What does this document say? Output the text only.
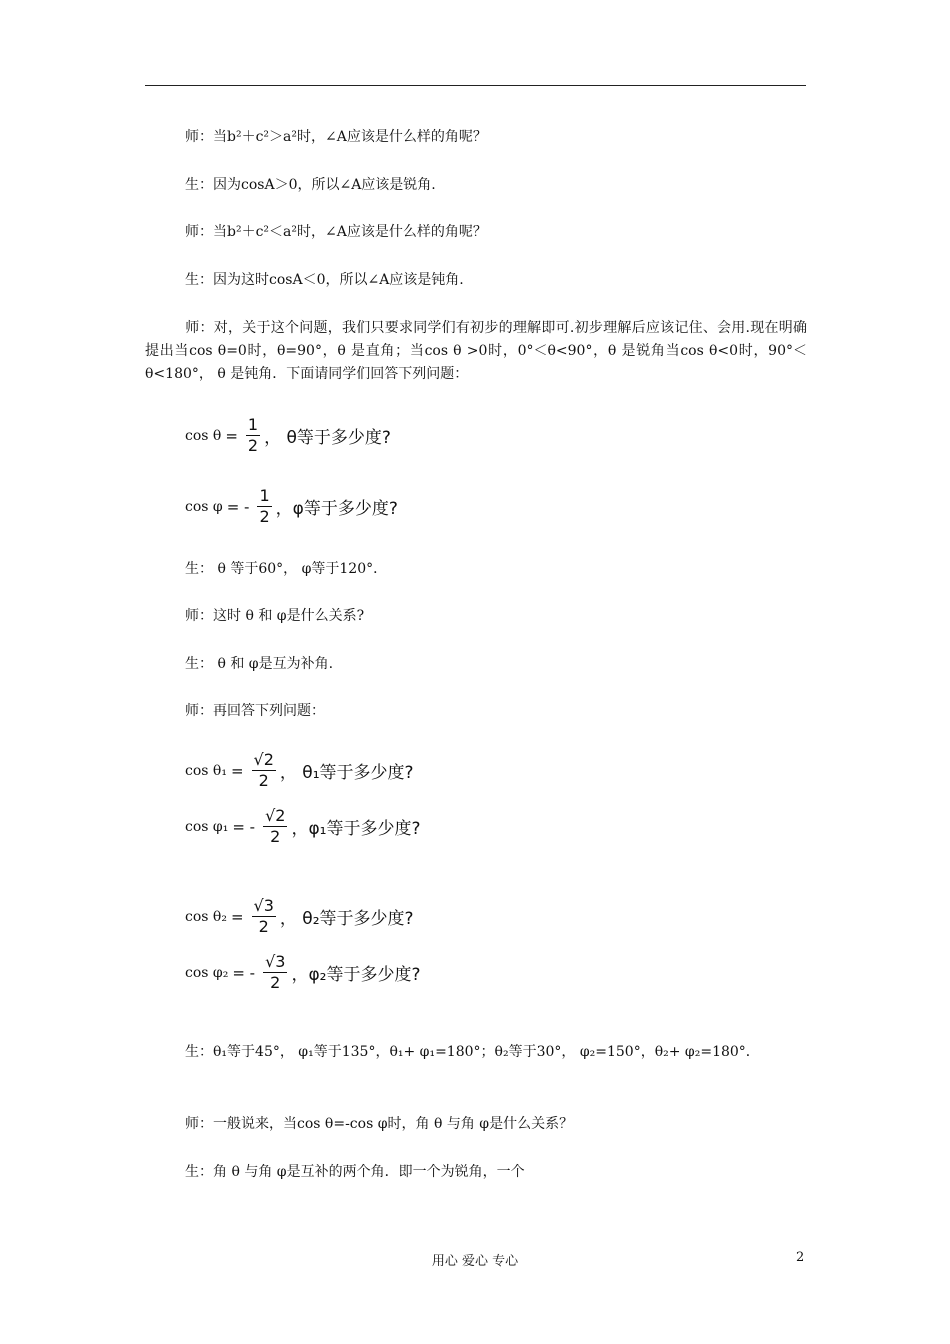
师：当b²＋c²＞a²时，∠A应该是什么样的角呢？
生：因为cosA＞0，所以∠A应该是锐角.
师：当b²＋c²＜a²时，∠A应该是什么样的角呢？
生：因为这时cosA＜0，所以∠A应该是钝角.
师：对，关于这个问题，我们只要求同学们有初步的理解即可.初步理解后应该记住、会用.现在明确提出当cos θ=0时，θ=90°，θ 是直角；当cos θ >0时，0°＜θ<90°，θ 是锐角当cos θ<0时，90°＜θ<180°， θ 是钝角．下面请同学们回答下列问题：
$\cos \theta = \frac{1}{2}$ ， θ等于多少度?
cos φ = - $\frac{1}{2}$ ，φ等于多少度?
生： θ 等于60°， φ等于120°．
师：这时 θ 和 φ是什么关系?
生： θ 和 φ是互为补角.
师：再回答下列问题：
$\cos \theta_1 = \frac{√2}{2}$ ， θ₁等于多少度?
cos φ₁ = - $\frac{√2}{2}$ ，φ₁等于多少度?
$\cos \theta_2 = \frac{√3}{2}$ ， θ₂等于多少度?
cos φ₂ = - $\frac{√3}{2}$ ，φ₂等于多少度?
生：θ₁等于45°， φ₁等于135°，θ₁+ φ₁=180°；θ₂等于30°， φ₂=150°，θ₂+ φ₂=180°．
师：一般说来，当cos θ=-cos φ时，角 θ 与角 φ是什么关系？
生：角 θ 与角 φ是互补的两个角．即一个为锐角，一个
用心 爱心 专心	2
